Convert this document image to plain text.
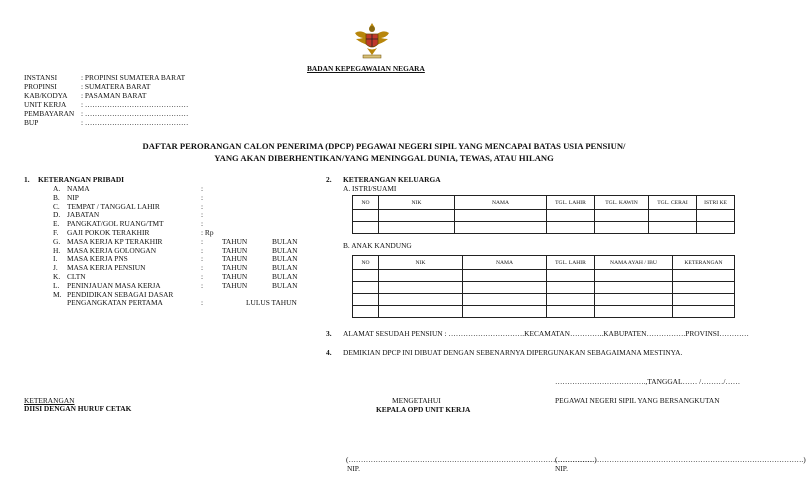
BADAN KEPEGAWAIAN NEGARA
INSTANSI	: PROPINSI SUMATERA BARAT
PROPINSI	: SUMATERA BARAT
KAB/KODYA : PASAMAN BARAT
UNIT KERJA : ……………………………………
PEMBAYARAN : ……………………………………
BUP	: ……………………………………
DAFTAR PERORANGAN CALON PENERIMA (DPCP) PEGAWAI NEGERI SIPIL YANG MENCAPAI BATAS USIA PENSIUN/
YANG AKAN DIBERHENTIKAN/YANG MENINGGAL DUNIA, TEWAS, ATAU HILANG
1. KETERANGAN PRIBADI
A. NAMA	:
B. NIP	:
C. TEMPAT / TANGGAL LAHIR	:
D. JABATAN	:
E. PANGKAT/GOL RUANG/TMT	:
F. GAJI POKOK TERAKHIR	: Rp
G. MASA KERJA KP TERAKHIR	:	TAHUN	BULAN
H. MASA KERJA GOLONGAN	:	TAHUN	BULAN
I. MASA KERJA PNS	:	TAHUN	BULAN
J. MASA KERJA PENSIUN	:	TAHUN	BULAN
K. CLTN	:	TAHUN	BULAN
L. PENINJAUAN MASA KERJA	:	TAHUN	BULAN
M. PENDIDIKAN SEBAGAI DASAR
PENGANGKATAN PERTAMA	:	LULUS TAHUN
2. KETERANGAN KELUARGA
A. ISTRI/SUAMI
NO	NIK	NAMA	TGL. LAHIR	TGL. KAWIN	TGL. CERAI	ISTRI KE

B. ANAK KANDUNG
NO	NIK	NAMA	TGL. LAHIR	NAMA AYAH / IBU	KETERANGAN

3. ALAMAT SESUDAH PENSIUN : ………………………….KECAMATAN…………..KABUPATEN…………….PROVINSI…………
4. DEMIKIAN DPCP INI DIBUAT DENGAN SEBENARNYA DIPERGUNAKAN SEBAGAIMANA MESTINYA.
……………………………….,TANGGAL…… /………/……
KETERANGAN
DIISI DENGAN HURUF CETAK
MENGETAHUI
KEPALA OPD UNIT KERJA
PEGAWAI NEGERI SIPIL YANG BERSANGKUTAN
(……………………………………………………………………………………….)
NIP.
(……………………………………………………………………………………….)
NIP.
